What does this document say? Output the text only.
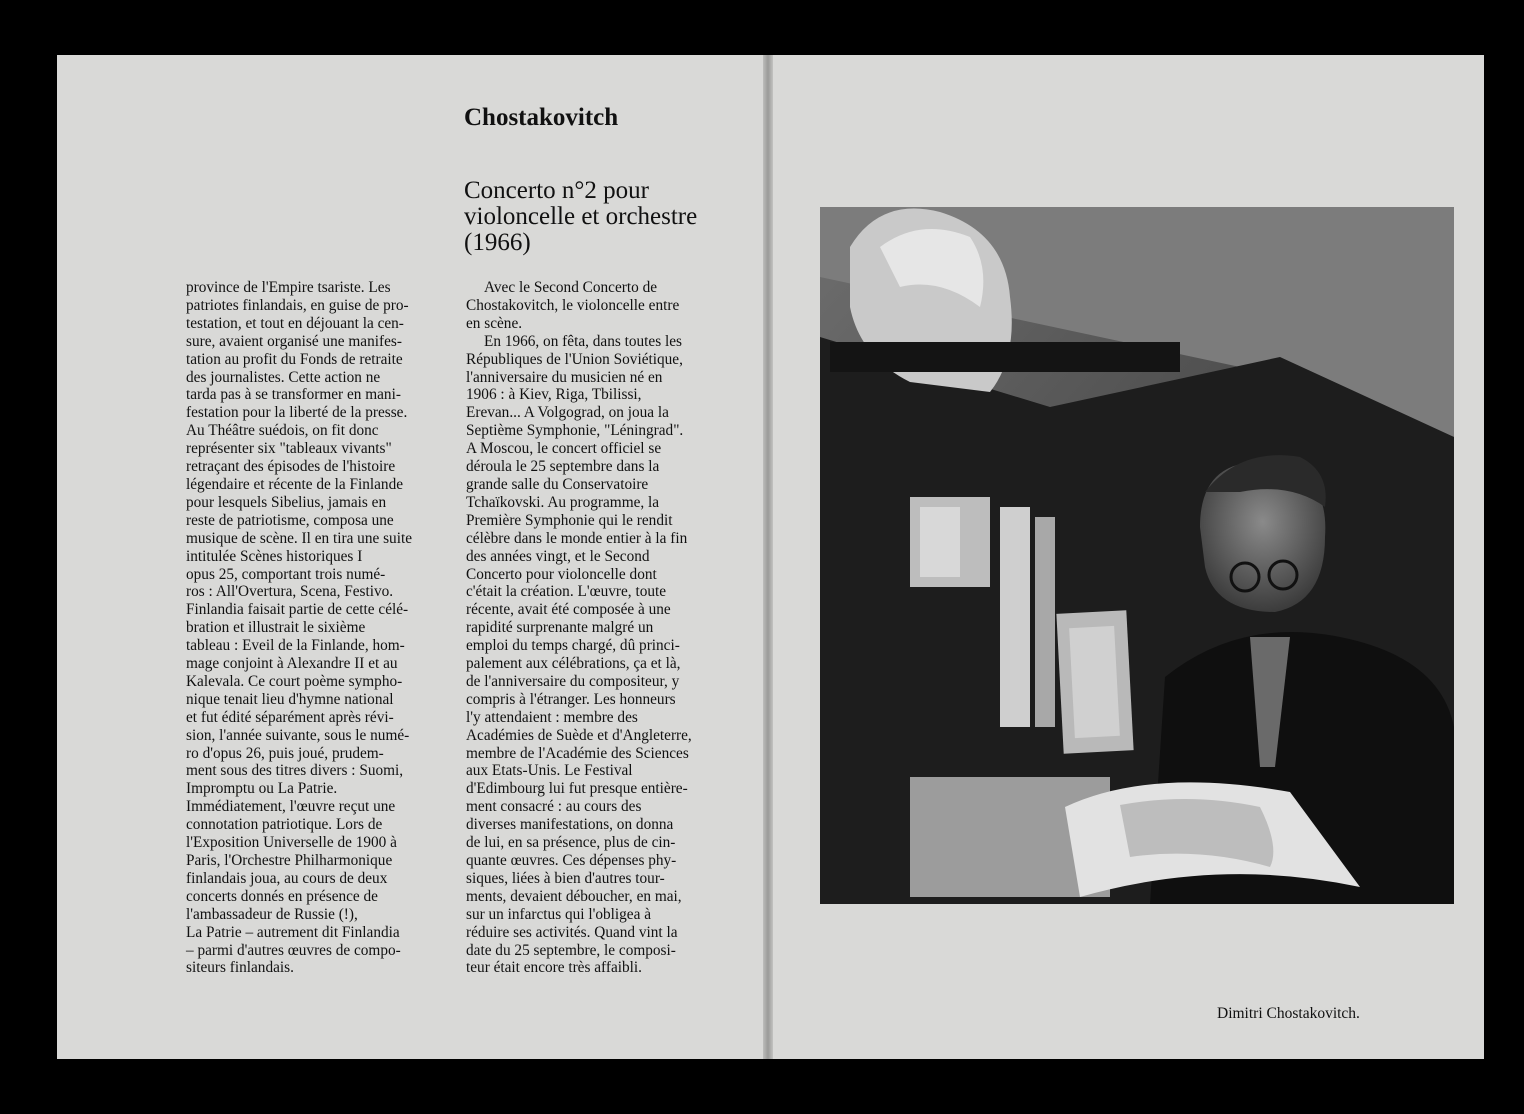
Chostakovitch
Concerto n°2 pour
violoncelle et orchestre
(1966)
province de l'Empire tsariste. Les
patriotes finlandais, en guise de pro-
testation, et tout en déjouant la cen-
sure, avaient organisé une manifes-
tation au profit du Fonds de retraite
des journalistes. Cette action ne
tarda pas à se transformer en mani-
festation pour la liberté de la presse.
Au Théâtre suédois, on fit donc
représenter six "tableaux vivants"
retraçant des épisodes de l'histoire
légendaire et récente de la Finlande
pour lesquels Sibelius, jamais en
reste de patriotisme, composa une
musique de scène. Il en tira une suite
intitulée Scènes historiques I
opus 25, comportant trois numé-
ros : All'Overtura, Scena, Festivo.
Finlandia faisait partie de cette célé-
bration et illustrait le sixième
tableau : Eveil de la Finlande, hom-
mage conjoint à Alexandre II et au
Kalevala. Ce court poème sympho-
nique tenait lieu d'hymne national
et fut édité séparément après révi-
sion, l'année suivante, sous le numé-
ro d'opus 26, puis joué, prudem-
ment sous des titres divers : Suomi,
Impromptu ou La Patrie.
Immédiatement, l'œuvre reçut une
connotation patriotique. Lors de
l'Exposition Universelle de 1900 à
Paris, l'Orchestre Philharmonique
finlandais joua, au cours de deux
concerts donnés en présence de
l'ambassadeur de Russie (!),
La Patrie – autrement dit Finlandia
– parmi d'autres œuvres de compo-
siteurs finlandais.
Avec le Second Concerto de
Chostakovitch, le violoncelle entre
en scène.
En 1966, on fêta, dans toutes les
Républiques de l'Union Soviétique,
l'anniversaire du musicien né en
1906 : à Kiev, Riga, Tbilissi,
Erevan... A Volgograd, on joua la
Septième Symphonie, "Léningrad".
A Moscou, le concert officiel se
déroula le 25 septembre dans la
grande salle du Conservatoire
Tchaïkovski. Au programme, la
Première Symphonie qui le rendit
célèbre dans le monde entier à la fin
des années vingt, et le Second
Concerto pour violoncelle dont
c'était la création. L'œuvre, toute
récente, avait été composée à une
rapidité surprenante malgré un
emploi du temps chargé, dû princi-
palement aux célébrations, ça et là,
de l'anniversaire du compositeur, y
compris à l'étranger. Les honneurs
l'y attendaient : membre des
Académies de Suède et d'Angleterre,
membre de l'Académie des Sciences
aux Etats-Unis. Le Festival
d'Edimbourg lui fut presque entière-
ment consacré : au cours des
diverses manifestations, on donna
de lui, en sa présence, plus de cin-
quante œuvres. Ces dépenses phy-
siques, liées à bien d'autres tour-
ments, devaient déboucher, en mai,
sur un infarctus qui l'obligea à
réduire ses activités. Quand vint la
date du 25 septembre, le composi-
teur était encore très affaibli.

Dimitri Chostakovitch.
